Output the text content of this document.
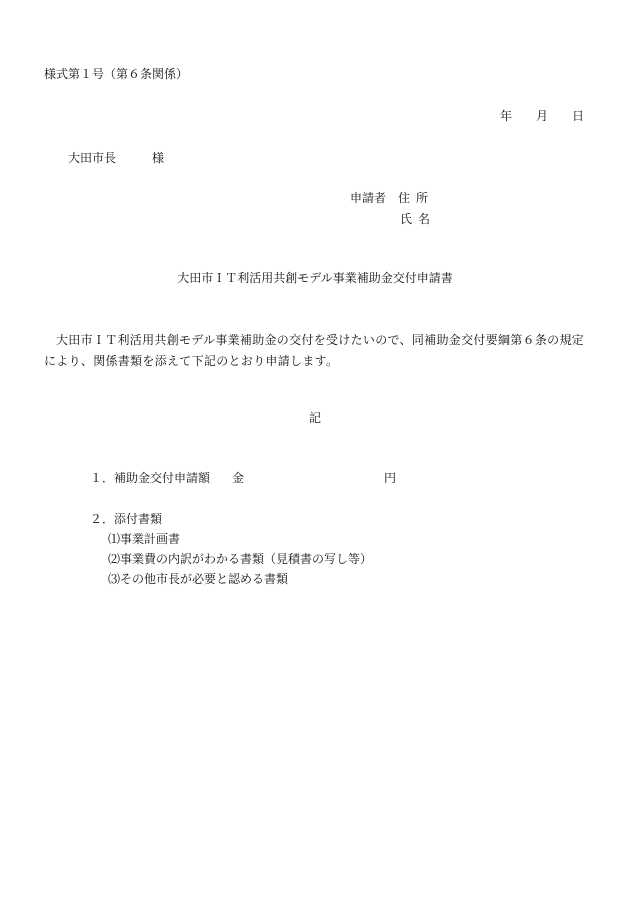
様式第１号（第６条関係）
年 月 日
大田市長	様
申請者 住所
氏名
大田市ＩＴ利活用共創モデル事業補助金交付申請書
大田市ＩＴ利活用共創モデル事業補助金の交付を受けたいので、同補助金交付要綱第６条の規定により、関係書類を添えて下記のとおり申請します。
記
１．補助金交付申請額 金	円
２．添付書類
⑴事業計画書
⑵事業費の内訳がわかる書類（見積書の写し等）
⑶その他市長が必要と認める書類
